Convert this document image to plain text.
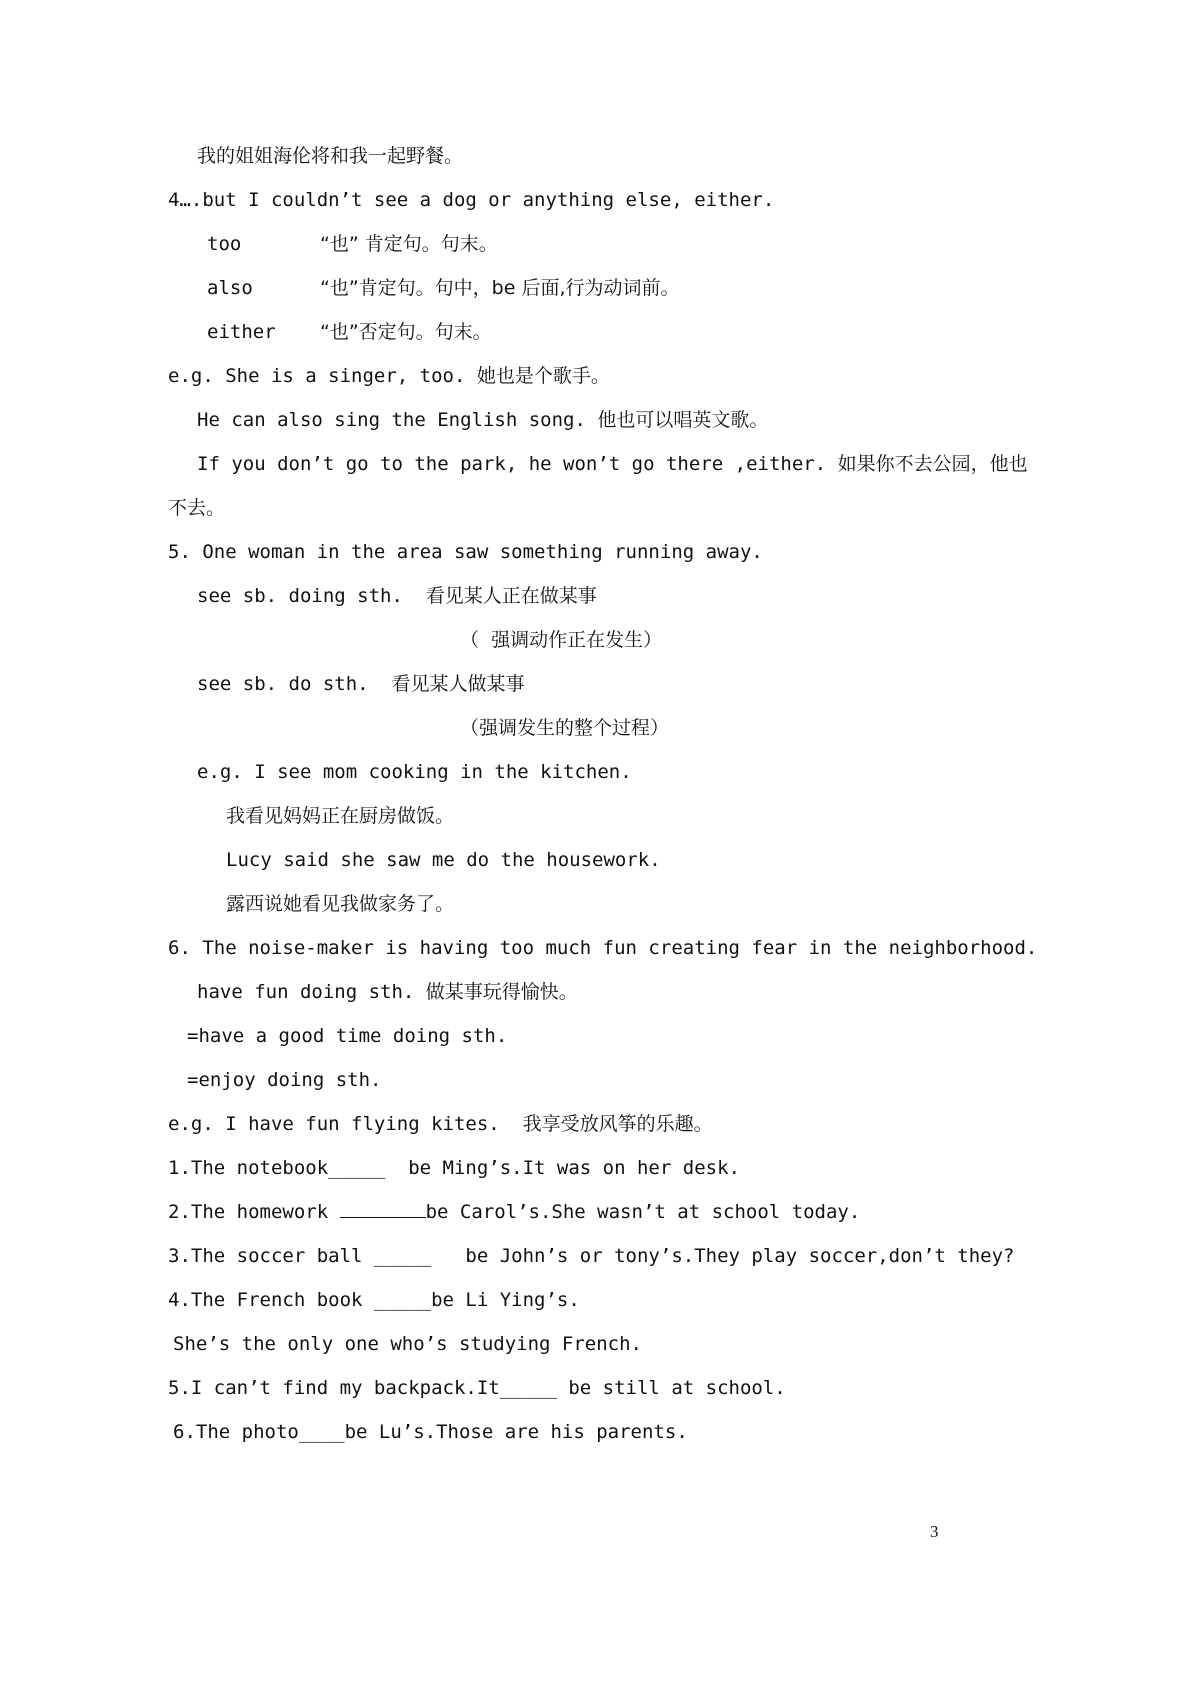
我的姐姐海伦将和我一起野餐。
4….but I couldn’t see a dog or anything else, either.
too	“也” 肯定句。句末。
also	“也”肯定句。句中，be 后面,行为动词前。
either “也”否定句。句末。
e.g. She is a singer, too. 她也是个歌手。
He can also sing the English song. 他也可以唱英文歌。
If you don’t go to the park, he won’t go there ,either. 如果你不去公园，他也
不去。
5. One woman in the area saw something running away.
see sb. doing sth.  看见某人正在做某事
（  强调动作正在发生）
see sb. do sth.  看见某人做某事
（强调发生的整个过程）
e.g. I see mom cooking in the kitchen.
我看见妈妈正在厨房做饭。
Lucy said she saw me do the housework.
露西说她看见我做家务了。
6. The noise-maker is having too much fun creating fear in the neighborhood.
have fun doing sth. 做某事玩得愉快。
=have a good time doing sth.
=enjoy doing sth.
e.g. I have fun flying kites.  我享受放风筝的乐趣。
1.The notebook_____  be Ming’s.It was on her desk.
2.The homework	be Carol’s.She wasn’t at school today.
3.The soccer ball _____   be John’s or tony’s.They play soccer,don’t they?
4.The French book _____be Li Ying’s.
She’s the only one who’s studying French.
5.I can’t find my backpack.It_____ be still at school.
6.The photo____be Lu’s.Those are his parents.
3
